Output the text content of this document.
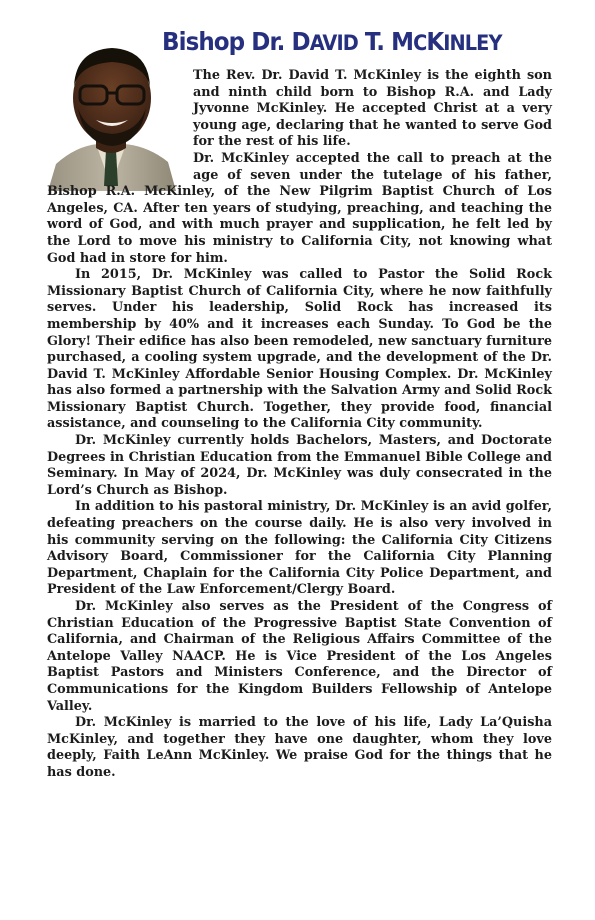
Bishop Dr. DAVID T. MCKINLEY

The Rev. Dr. David T. McKinley is the eighth son and ninth child born to Bishop R.A. and Lady Jyvonne McKinley. He accepted Christ at a very young age, declaring that he wanted to serve God for the rest of his life.

Dr. McKinley accepted the call to preach at the age of seven under the tutelage of his father, Bishop R.A. McKinley, of the New Pilgrim Baptist Church of Los Angeles, CA. After ten years of studying, preaching, and teaching the word of God, and with much prayer and supplication, he felt led by the Lord to move his ministry to California City, not knowing what God had in store for him.

In 2015, Dr. McKinley was called to Pastor the Solid Rock Missionary Baptist Church of California City, where he now faithfully serves. Under his leadership, Solid Rock has increased its membership by 40% and it increases each Sunday. To God be the Glory! Their edifice has also been remodeled, new sanctuary furniture purchased, a cooling system upgrade, and the development of the Dr. David T. McKinley Affordable Senior Housing Complex. Dr. McKinley has also formed a partnership with the Salvation Army and Solid Rock Missionary Baptist Church. Together, they provide food, financial assistance, and counseling to the California City community.

Dr. McKinley currently holds Bachelors, Masters, and Doctorate Degrees in Christian Education from the Emmanuel Bible College and Seminary. In May of 2024, Dr. McKinley was duly consecrated in the Lord’s Church as Bishop.

In addition to his pastoral ministry, Dr. McKinley is an avid golfer, defeating preachers on the course daily. He is also very involved in his community serving on the following: the California City Citizens Advisory Board, Commissioner for the California City Planning Department, Chaplain for the California City Police Department, and President of the Law Enforcement/Clergy Board.

Dr. McKinley also serves as the President of the Congress of Christian Education of the Progressive Baptist State Convention of California, and Chairman of the Religious Affairs Committee of the Antelope Valley NAACP. He is Vice President of the Los Angeles Baptist Pastors and Ministers Conference, and the Director of Communications for the Kingdom Builders Fellowship of Antelope Valley.

Dr. McKinley is married to the love of his life, Lady La’Quisha McKinley, and together they have one daughter, whom they love deeply, Faith LeAnn McKinley. We praise God for the things that he has done.
